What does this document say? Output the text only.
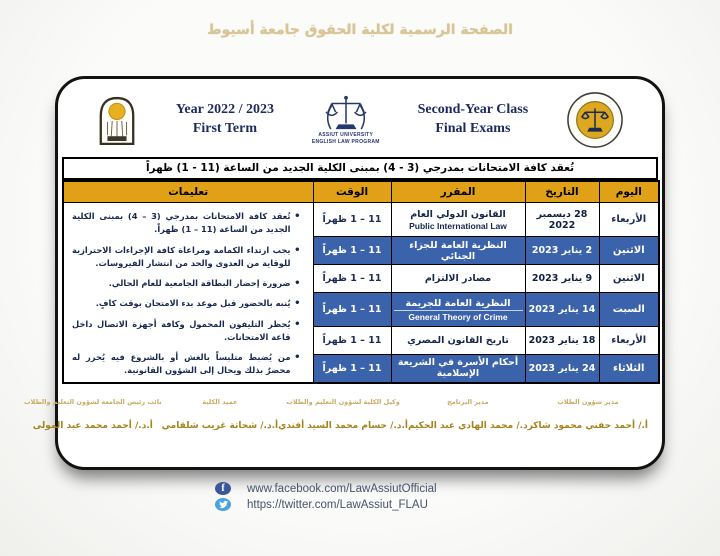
الصفحة الرسمية لكلية الحقوق جامعة أسيوط
Year 2022 / 2023
First Term	ASSIUT UNIVERSITY
ENGLISH LAW PROGRAM
Second-Year Class
Final Exams
تُعقد كافة الامتحانات بمدرجي (3 - 4) بمبنى الكلية الجديد من الساعة (11 - 1) ظهراً
اليوم	التاريخ	المقرر	الوقت	تعليمات
الأربعاء	28 ديسمبر 2022	
القانون الدولي العام
Public International Law
	11 – 1 ظهراً	
• تُعقد كافة الامتحانات بمدرجي (3 – 4) بمبنى الكلية الجديد من الساعة (11 – 1) ظهراً.
• يجب ارتداء الكمامة ومراعاة كافة الإجراءات الاحترازية للوقاية من العدوى والحد من انتشار الفيروسات.
• ضرورة إحضار البطاقة الجامعية للعام الحالي.
• يُنبه بالحضور قبل موعد بدء الامتحان بوقت كافٍ.
• يُحظر التليفون المحمول وكافة أجهزة الاتصال داخل قاعة الامتحانات.
• من يُضبط متلبساً بالغش أو بالشروع فيه يُحرر له محضرٌ بذلك ويحال إلى الشؤون القانونية.

الاثنين	2 يناير 2023	النظرية العامة للجزاء الجنائي	11 – 1 ظهراً	
الاثنين	9 يناير 2023	مصادر الالتزام	11 – 1 ظهراً	
السبت	14 يناير 2023	النظرية العامة للجريمة
General Theory of Crime	11 – 1 ظهراً	
الأربعاء	18 يناير 2023	تاريخ القانون المصري	11 – 1 ظهراً	
الثلاثاء	24 يناير 2023	أحكام الأسرة في الشريعة الإسلامية	11 – 1 ظهراً	
مدير شؤون الطلاب
أ./ أحمد حفني محمود شاكر
مدير البرنامج
د./ محمد الهادي عبد الحكيم
وكيل الكلية لشؤون التعليم والطلاب
أ.د./ حسام محمد السيد أفندي
عميد الكلية
أ.د./ شحاتة غريب شلقامي
نائب رئيس الجامعة لشؤون التعليم والطلاب
أ.د./ أحمد محمد عبد المولى
f	www.facebook.com/LawAssiutOfficial
https://twitter.com/LawAssiut_FLAU
